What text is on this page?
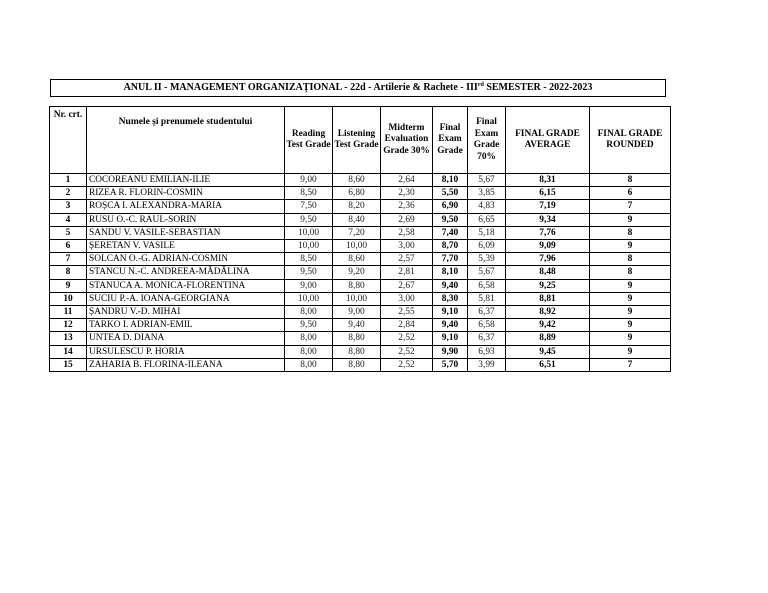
ANUL II - MANAGEMENT ORGANIZAȚIONAL - 22d - Artilerie & Rachete - IIIrd SEMESTER - 2022-2023
Nr. crt.	Numele și prenumele studentului	Reading Test Grade	Listening Test Grade	Midterm Evaluation Grade 30%	Final Exam Grade	Final Exam Grade 70%	FINAL GRADE AVERAGE	FINAL GRADE ROUNDED
1	COCOREANU EMILIAN-ILIE	9,00	8,60	2,64	8,10	5,67	8,31	8
2	RIZEA R. FLORIN-COSMIN	8,50	6,80	2,30	5,50	3,85	6,15	6
3	ROȘCA I. ALEXANDRA-MARIA	7,50	8,20	2,36	6,90	4,83	7,19	7
4	RUSU O.-C. RAUL-SORIN	9,50	8,40	2,69	9,50	6,65	9,34	9
5	SANDU V. VASILE-SEBASTIAN	10,00	7,20	2,58	7,40	5,18	7,76	8
6	ȘERETAN V. VASILE	10,00	10,00	3,00	8,70	6,09	9,09	9
7	SOLCAN O.-G. ADRIAN-COSMIN	8,50	8,60	2,57	7,70	5,39	7,96	8
8	STANCU N.-C. ANDREEA-MĂDĂLINA	9,50	9,20	2,81	8,10	5,67	8,48	8
9	STANUCA A. MONICA-FLORENTINA	9,00	8,80	2,67	9,40	6,58	9,25	9
10	SUCIU P.-A. IOANA-GEORGIANA	10,00	10,00	3,00	8,30	5,81	8,81	9
11	ȘANDRU V.-D. MIHAI	8,00	9,00	2,55	9,10	6,37	8,92	9
12	TARKO I. ADRIAN-EMIL	9,50	9,40	2,84	9,40	6,58	9,42	9
13	UNTEA D. DIANA	8,00	8,80	2,52	9,10	6,37	8,89	9
14	URSULESCU P. HORIA	8,00	8,80	2,52	9,90	6,93	9,45	9
15	ZAHARIA B. FLORINA-ILEANA	8,00	8,80	2,52	5,70	3,99	6,51	7
